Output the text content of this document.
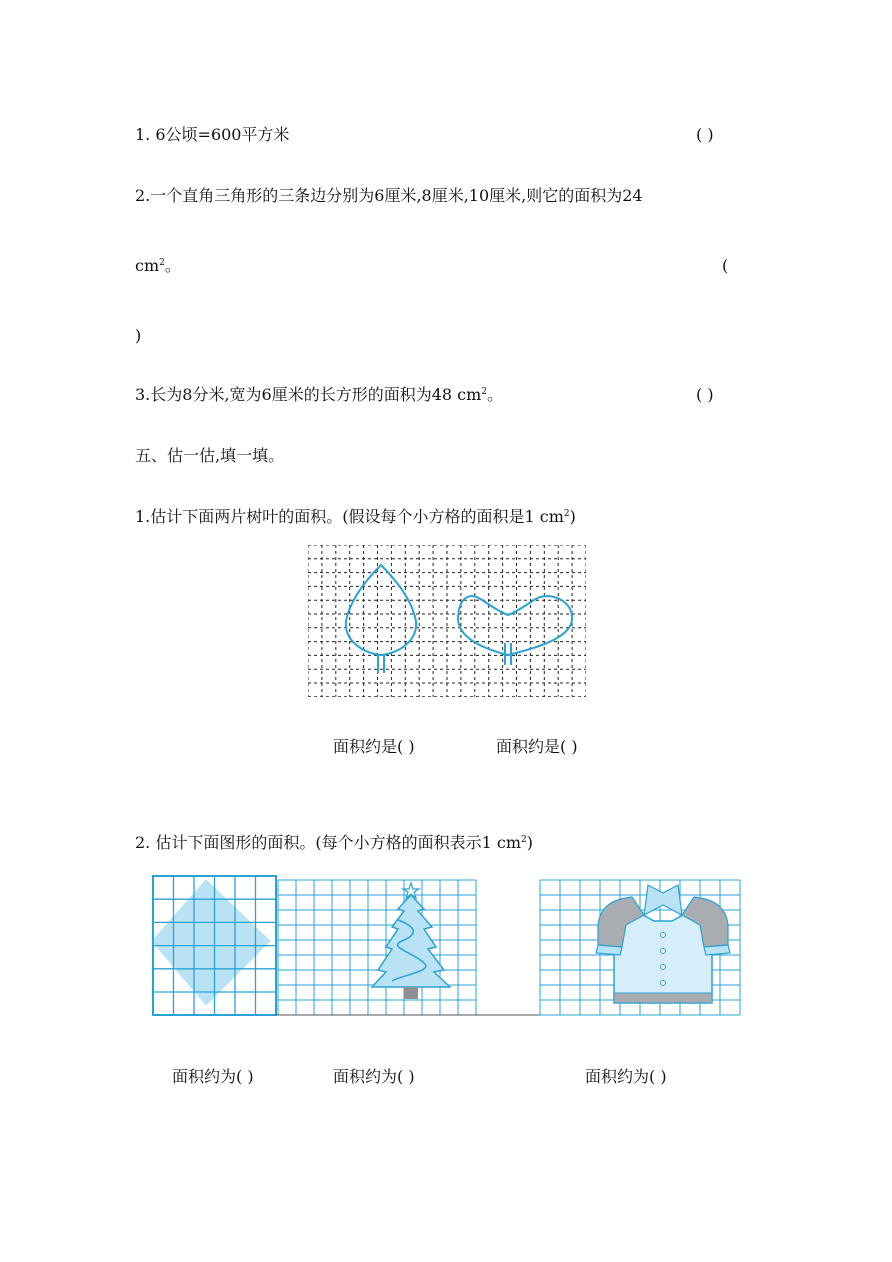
1. 6公顷=600平方米	( )
2.一个直角三角形的三条边分别为6厘米,8厘米,10厘米,则它的面积为24
$cm^2$。	(
)
3.长为8分米,宽为6厘米的长方形的面积为48 $cm^2$。	( )
五、估一估,填一填。
1.估计下面两片树叶的面积。(假设每个小方格的面积是1 $cm^2$)
面积约是( )	面积约是( )
2. 估计下面图形的面积。(每个小方格的面积表示1 $cm^2$)
面积约为( )	面积约为( )	面积约为( )
